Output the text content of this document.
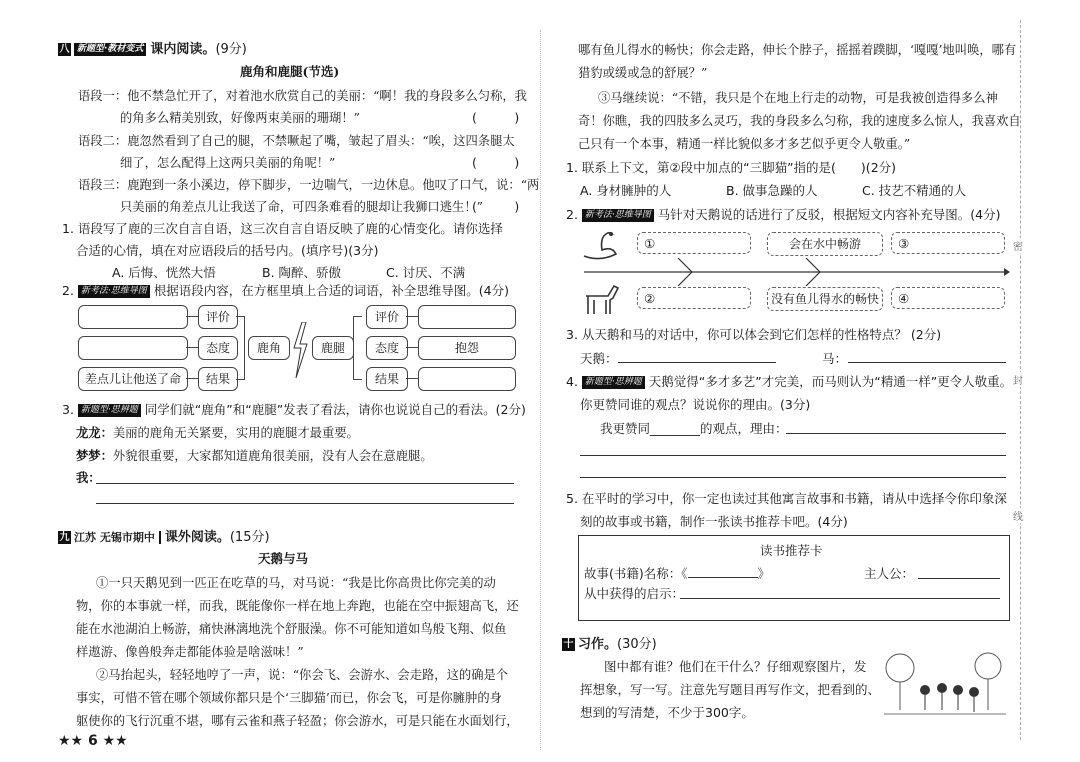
八 新题型·教材变式 课内阅读。(9分)
鹿角和鹿腿(节选)
语段一：他不禁急忙开了，对着池水欣赏自己的美丽：“啊！我的身段多么匀称，我
的角多么精美别致，好像两束美丽的珊瑚！”	(　　　)
语段二：鹿忽然看到了自己的腿，不禁噘起了嘴，皱起了眉头：“唉，这四条腿太
细了，怎么配得上这两只美丽的角呢！”	(　　　)
语段三：鹿跑到一条小溪边，停下脚步，一边喘气，一边休息。他叹了口气，说：“两
只美丽的角差点儿让我送了命，可四条难看的腿却让我狮口逃生！”
(　　　)
1. 语段写了鹿的三次自言自语，这三次自言自语反映了鹿的心情变化。请你选择
合适的心情，填在对应语段后的括号内。(填序号)(3分)
A. 后悔、恍然大悟	B. 陶醉、骄傲	C. 讨厌、不满
2. 新考法·思维导图 根据语段内容，在方框里填上合适的词语，补全思维导图。(4分)
差点儿让他送了命
评价
态度
结果
鹿角	鹿腿
评价
态度
结果
抱怨
3. 新题型·思辨题 同学们就“鹿角”和“鹿腿”发表了看法，请你也说说自己的看法。(2分)
龙龙：美丽的鹿角无关紧要，实用的鹿腿才最重要。
梦梦：外貌很重要，大家都知道鹿角很美丽，没有人会在意鹿腿。
我：
九 江苏 无锡市期中 课外阅读。(15分)
天鹅与马
①一只天鹅见到一匹正在吃草的马，对马说：“我是比你高贵比你完美的动
物，你的本事就一样，而我，既能像你一样在地上奔跑，也能在空中振翅高飞，还
能在水池湖泊上畅游，痛快淋漓地洗个舒服澡。你不可能知道如鸟般飞翔、似鱼
样遨游、像兽般奔走都能体验是啥滋味！”
②马抬起头，轻轻地哼了一声，说：“你会飞、会游水、会走路，这的确是个
事实，可惜不管在哪个领域你都只是个‘三脚猫’而已，你会飞，可是你臃肿的身
躯使你的飞行沉重不堪，哪有云雀和燕子轻盈；你会游水，可是只能在水面划行，
★★ 6 ★★
哪有鱼儿得水的畅快；你会走路，伸长个脖子，摇摇着蹼脚，‘嘎嘎’地叫唤，哪有
猎豹或缓或急的舒展？”
③马继续说：“不错，我只是个在地上行走的动物，可是我被创造得多么神
奇！你瞧，我的四肢多么灵巧，我的身段多么匀称，我的速度多么惊人，我喜欢自
己只有一个本事，精通一样比貌似多才多艺似乎更令人敬重。”
1. 联系上下文，第②段中加点的“三脚猫”指的是(　　)(2分)
A. 身材臃肿的人	B. 做事急躁的人	C. 技艺不精通的人
2. 新考法·思维导图 马针对天鹅说的话进行了反驳，根据短文内容补充导图。(4分)
①	会在水中畅游	③
②	没有鱼儿得水的畅快	④
3. 从天鹅和马的对话中，你可以体会到它们怎样的性格特点？ (2分)
天鹅：	马：
4. 新题型·思辨题 天鹅觉得“多才多艺”才完美，而马则认为“精通一样”更令人敬重。
你更赞同谁的观点？说说你的理由。(3分)
我更赞同________的观点，理由：
5. 在平时的学习中，你一定也读过其他寓言故事和书籍，请从中选择令你印象深
刻的故事或书籍，制作一张读书推荐卡吧。(4分)
读书推荐卡
故事(书籍)名称：《	》	主人公：
从中获得的启示：
十 习作。(30分)
图中都有谁？他们在干什么？仔细观察图片，发
挥想象，写一写。注意先写题目再写作文，把看到的、
想到的写清楚，不少于300字。
密
封
线
